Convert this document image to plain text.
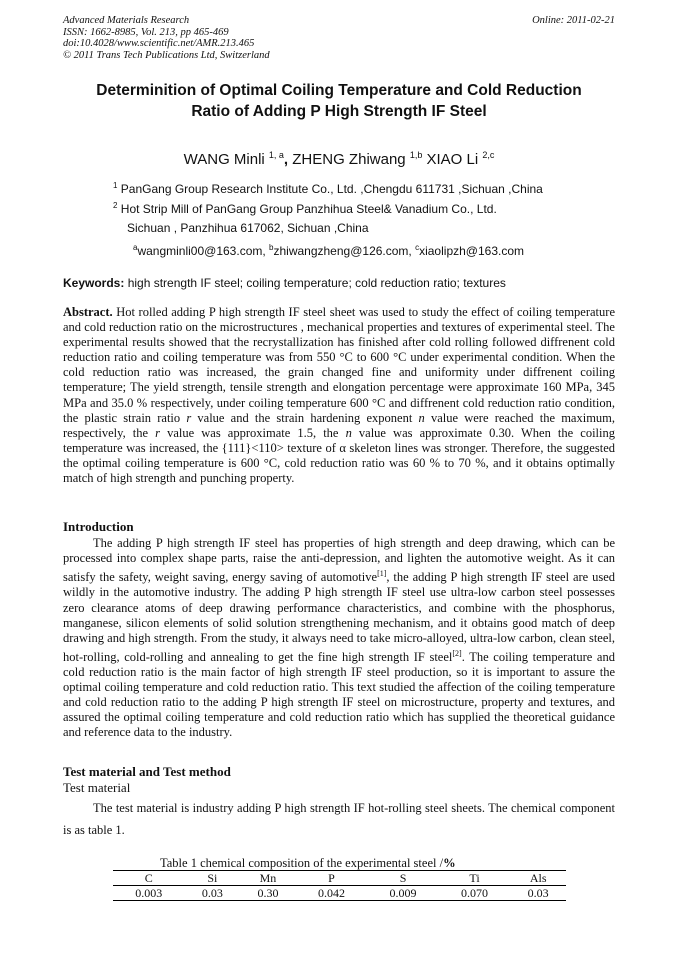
Advanced Materials Research
ISSN: 1662-8985, Vol. 213, pp 465-469
doi:10.4028/www.scientific.net/AMR.213.465
© 2011 Trans Tech Publications Ltd, Switzerland
Online: 2011-02-21
Determinition of Optimal Coiling Temperature and Cold Reduction
Ratio of Adding P High Strength IF Steel
WANG Minli $^{1, a}$, ZHENG Zhiwang $^{1,b}$ XIAO Li $^{2,c}$
$^1$ PanGang Group Research Institute Co., Ltd. ,Chengdu 611731 ,Sichuan ,China
$^2$ Hot Strip Mill of PanGang Group Panzhihua Steel& Vanadium Co., Ltd.
Sichuan , Panzhihua 617062, Sichuan ,China
$^a$wangminli00@163.com, $^b$zhiwangzheng@126.com, $^c$xiaolipzh@163.com
Keywords: high strength IF steel; coiling temperature; cold reduction ratio; textures
Abstract. Hot rolled adding P high strength IF steel sheet was used to study the effect of coiling temperature and cold reduction ratio on the microstructures , mechanical properties and textures of experimental steel. The experimental results showed that the recrystallization has finished after cold rolling followed diffrenent cold reduction ratio and coiling temperature was from 550 °C to 600 °C under experimental condition. When the cold reduction ratio was increased, the grain changed fine and uniformity under diffrenent coiling temperature; The yield strength, tensile strength and elongation percentage were approximate 160 MPa, 345 MPa and 35.0 % respectively, under coiling temperature 600 °C and diffrenent cold reduction ratio condition, the plastic strain ratio r value and the strain hardening exponent n value were reached the maximum, respectively, the r value was approximate 1.5, the n value was approximate 0.30. When the coiling temperature was increased, the {111}<110> texture of α skeleton lines was stronger. Therefore, the suggested the optimal coiling temperature is 600 °C, cold reduction ratio was 60 % to 70 %, and it obtains optimally match of high strength and punching property.
Introduction
The adding P high strength IF steel has properties of high strength and deep drawing, which can be processed into complex shape parts, raise the anti-depression, and lighten the automotive weight. As it can satisfy the safety, weight saving, energy saving of automotive[1], the adding P high strength IF steel are used wildly in the automotive industry. The adding P high strength IF steel use ultra-low carbon steel possesses zero clearance atoms of deep drawing performance characteristics, and combine with the phosphorus, manganese, silicon elements of solid solution strengthening mechanism, and it obtains good match of deep drawing and high strength. From the study, it always need to take micro-alloyed, ultra-low carbon, clean steel, hot-rolling, cold-rolling and annealing to get the fine high strength IF steel[2]. The coiling temperature and cold reduction ratio is the main factor of high strength IF steel production, so it is important to assure the optimal coiling temperature and cold reduction ratio. This text studied the affection of the coiling temperature and cold reduction ratio to the adding P high strength IF steel on microstructure, property and textures, and assured the optimal coiling temperature and cold reduction ratio which has supplied the theoretical guidance and reference data to the industry.
Test material and Test method
Test material
The test material is industry adding P high strength IF hot-rolling steel sheets. The chemical component is as table 1.
Table 1 chemical composition of the experimental steel /%
C	Si	Mn	P	S	Ti	Als
0.003	0.03	0.30	0.042	0.009	0.070	0.03
